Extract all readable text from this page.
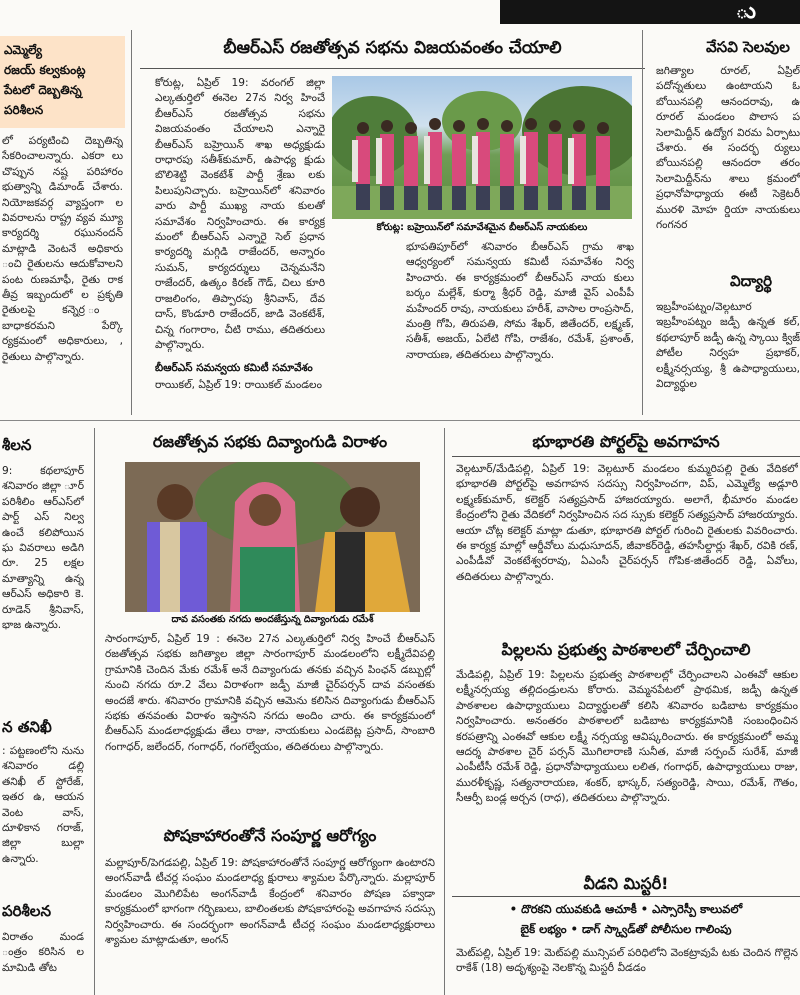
ు
ఎమ్మెల్యే
రజయ్ కల్వకుంట్ల
పేటలో దెబ్బతిన్న
పరిశీలన

లో పర్యటించి దెబ్బతిన్న సేకరించాలన్నారు. ఎకరా లు చొప్పున నష్ట పరిహారం భుత్వాన్ని డిమాండ్ చేశారు. నియోజకవర్గ వ్యాప్తంగా ల వివరాలను రాష్ట్ర వ్యవ మ్యూ కార్యదర్శి రఘునందన్ మాట్లాడి వెంటనే అధికారు ంచి రైతులను ఆదుకోవాలని పంట రుణమాఫీ, రైతు రాక తీవ్ర ఇబ్బందులో ల ప్రకృతి రైతులపై కన్నెర్ర ం బాధాకరమని పేర్కొ ర్యక్రమంలో అధికారులు, , రైతులు పాల్గొన్నారు.

బీఆర్ఎస్ రజతోత్సవ సభను విజయవంతం చేయాలి

కోరుట్ల, ఏప్రిల్ 19: వరంగల్ జిల్లా ఎల్కతుర్తిలో ఈనెల 27న నిర్వ హించే బీఆర్ఎస్ రజతోత్సవ సభను విజయవంతం చేయాలని ఎన్నారై బీఆర్ఎస్ బహ్రెయిన్ శాఖ అధ్యక్షుడు రాధారపు సతీశ్‌కుమార్, ఉపాధ్య క్షుడు బొలిశెట్టి వెంకటేశ్ పార్టీ శ్రేణు లకు పిలుపునిచ్చారు. బహ్రెయిన్‌లో శనివారం వారు పార్టీ ముఖ్య నాయ కులతో సమావేశం నిర్వహించారు. ఈ కార్యక్ర మంలో బీఆర్ఎస్ ఎన్నారై సెల్ ప్రధాన కార్యదర్శి మగ్గిడి రాజేందర్, అన్నారం సుమన్, కార్యదర్శులు చెన్నమనేని రాజేందర్, ఉత్కం కిరణ్ గౌడ్, చిలు కూరి రాజలింగం, తిప్పారపు శ్రీనివాస్, దేవ దాస్, కొండూరి రాజేందర్, జాడి వెంకటేశ్, చిన్న గంగారాం, చీటి రాము, తదితరులు పాల్గొన్నారు.

బీఆర్ఎస్ సమన్వయ కమిటీ సమావేశం

రాయికల్, ఏప్రిల్ 19: రాయికల్ మండలం

కోరుట్ల: బహ్రెయిన్‌లో సమావేశమైన బీఆర్ఎస్ నాయకులు

భూపతిపూర్‌లో శనివారం బీఆర్ఎస్ గ్రామ శాఖ ఆధ్వర్యంలో సమన్వయ కమిటీ సమావేశం నిర్వ హించారు. ఈ కార్యక్రమంలో బీఆర్ఎస్ నాయ కులు బర్కం మల్లేశ్, కుర్మా శ్రీధర్ రెడ్డి, మాజీ వైస్ ఎంపీపీ మహేందర్ రావు, నాయకులు హరీశ్, వాసాల రాంప్రసాద్, మంత్రి గోపి, తిరుపతి, సోమ శేఖర్, జితేందర్, లక్ష్మణ్, సతీశ్, అజయ్, ఏలేటి గోపి, రాజేశం, రమేశ్, ప్రశాంత్, నారాయణ, తదితరులు పాల్గొన్నారు.

వేసవి సెలవుల

జగిత్యాల రూరల్, ఏప్రిల్ పదోన్నతులు ఉంటాయని ఓ బోయినపల్లి ఆనందరావు, ఉ రూరల్ మండలం పొలాస ప సెలామిద్దీన్ ఉద్యోగ విరమ ఏర్పాటు చేశారు. ఈ సందర్భ ర్యులు బోయినపల్లి ఆనందరా తరం సెలామిద్దీన్‌ను శాలు క్రమంలో ప్రధానోపాధ్యాయ ఈటీ సెక్రెటరీ మురళి మోహ ర్డియా నాయకులు గంగనర

విద్యార్థి

ఇబ్రహీంపట్నం/వెల్గటూర ఇబ్రహీంపట్నం జడ్పీ ఉన్నత కల్, కథలాపూర్ జడ్పీ ఉన్న స్కాయి క్విజ్ పోటీల నిర్వహ ప్రభాకర్, లక్ష్మీనర్సయ్య, శ్రీ ఉపాధ్యాయులు, విద్యార్థుల

శీలన

9: కథలాపూర్ శనివారం జిల్లా ూర్ పరిశీలిం ఆర్ఎస్‌లో పార్ట్ ఎస్ నిల్వ ఉంచే కలిపోయిన ఘ వివరాలు అడిగి రూ. 25 లక్షల మాత్యాన్ని ఉన్న ఆర్ఎస్ అధికారి కె. రూడెన్ శ్రీనివాస్, భాజ ఉన్నారు.

న తనిఖీ

: పట్టణంలోని నును శనివారం డల్లి తనిఖీ ల్ స్టోరేజ్, ఇతర ఉ, ఆయన వెంట వాస్, దూళికాన గరాజ్, జిల్లా బుల్లా ఉన్నారు.

పరిశీలన

విరాతం మండ ంత్రం కరిసిన ల మామిడి తోట

రజతోత్సవ సభకు దివ్యాంగుడి విరాళం
దావ వసంతకు నగదు అందజేస్తున్న దివ్యాంగుడు రమేశ్

సారంగాపూర్, ఏప్రిల్ 19 : ఈనెల 27న ఎల్కతుర్తిలో నిర్వ హించే బీఆర్ఎస్ రజతోత్సవ సభకు జగిత్యాల జిల్లా సారంగాపూర్ మండలంలోని లక్ష్మీదేవిపల్లి గ్రామానికి చెందిన మేకు రమేశ్ అనే దివ్యాంగుడు తనకు వచ్చిన పింఛన్ డబ్బుల్లో నుంచి నగదు రూ.2 వేలు విరాళంగా జడ్పీ మాజీ చైర్‌పర్సన్ దావ వసంతకు అందజే శారు. శనివారం గ్రామానికి వచ్చిన ఆమెను కలిసిన దివ్యాంగుడు బీఆర్ఎస్ సభకు తనవంతు విరాళం ఇస్తానని నగదు అందిం చారు. ఈ కార్యక్రమంలో బీఆర్ఎస్ మండలాధ్యక్షుడు తేలు రాజు, నాయకులు ఎండబెట్ల ప్రసాద్, సాంబారి గంగాధర్, జలేందర్, గంగాధర్, గంగల్వేయం, తదితరులు పాల్గొన్నారు.

పోషకాహారంతోనే సంపూర్ణ ఆరోగ్యం

మల్లాపూర్/పెగడపల్లి, ఏప్రిల్ 19: పోషకాహారంతోనే సంపూర్ణ ఆరోగ్యంగా ఉంటారని అంగన్‌వాడీ టీచర్ల సంఘం మండలాధ్య క్షురాలు శ్యామల పేర్కొన్నారు. మల్లాపూర్ మండలం మొగిలిపేట అంగన్‌వాడీ కేంద్రంలో శనివారం పోషణ పక్వాడా కార్యక్రమంలో భాగంగా గర్భిణులు, బాలింతలకు పోషకాహారంపై అవగాహన సదస్సు నిర్వహించారు. ఈ సందర్భంగా అంగన్‌వాడీ టీచర్ల సంఘం మండలాధ్యక్షురాలు శ్యామల మాట్లాడుతూ, అంగన్

భూభారతి పోర్టల్‌పై అవగాహన

వెల్గటూర్/మేడిపల్లి, ఏప్రిల్ 19: వెల్గటూర్ మండలం కుమ్మరిపల్లి రైతు వేదికలో భూభారతి పోర్టల్‌పై అవగాహన సదస్సు నిర్వహించగా, విప్, ఎమ్మెల్యే అడ్లూరి లక్ష్మణ్‌కుమార్, కలెక్టర్ సత్యప్రసాద్ హాజరయ్యారు. అలాగే, భీమారం మండల కేంద్రంలోని రైతు వేదికలో నిర్వహించిన సద స్సుకు కలెక్టర్ సత్యప్రసాద్ హాజరయ్యారు. ఆయా చోట్ల కలెక్టర్ మాట్లా డుతూ, భూభారతి పోర్టల్ గురించి రైతులకు వివరించారు. ఈ కార్యక్ర మాల్లో ఆర్డీవోలు మధుసూదన్, జీవాకర్‌రెడ్డి, తహసీల్దార్లు శేఖర్, రవికి రణ్, ఎంపీడీవో వెంకటేశ్వరరావు, ఏఎంసీ చైర్‌పర్సన్ గోపిక-జితేందర్ రెడ్డి, ఏవోలు, తదితరులు పాల్గొన్నారు.

పిల్లలను ప్రభుత్వ పాఠశాలలో చేర్పించాలి

మేడిపల్లి, ఏప్రిల్ 19: పిల్లలను ప్రభుత్వ పాఠశాలల్లో చేర్పించాలని ఎంఈవో ఆకుల లక్ష్మీనర్సయ్య తల్లిదండ్రులను కోరారు. వెమ్మనపేటలో ప్రాథమిక, జడ్పీ ఉన్నత పాఠశాలల ఉపాధ్యాయులు విద్యార్థులతో కలిసి శనివారం బడిబాట కార్యక్రమం నిర్వహించారు. అనంతరం పాఠశాలలో బడిబాట కార్యక్రమానికి సంబంధించిన కరపత్రాన్ని ఎంఈవో ఆకుల లక్ష్మీ నర్సయ్య ఆవిష్కరించారు. ఈ కార్యక్రమంలో అమ్మ ఆదర్శ పాఠశాల చైర్ పర్సన్ మొగిలారాణి సునీత, మాజీ సర్పంచ్ సురేశ్, మాజీ ఎంపీటీసీ రమేశ్ రెడ్డి, ప్రధానోపాధ్యాయులు లలిత, గంగాధర్, ఉపాధ్యాయులు రాజు, మురళీకృష్ణ, సత్యనారాయణ, శంకర్, భాస్కర్, సత్యంరెడ్డి, సాయి, రమేశ్, గౌతం, సీఆర్పీ బండ్ల అర్చన (రాధ), తదితరులు పాల్గొన్నారు.

వీడని మిస్టరీ!
• దొరకని యువకుడి ఆచూకీ • ఎస్సారెస్పీ కాలువలో
బైక్ లభ్యం • డాగ్ స్క్వాడ్‌తో పోలీసుల గాలింపు

మెట్‌పల్లి, ఏప్రిల్ 19: మెట్‌పల్లి మున్సిపల్ పరిధిలోని వెంకట్రావుపే టకు చెందిన గొల్లెన రాకేశ్ (18) అదృశ్యంపై నెలకొన్న మిస్టరీ వీడడం
